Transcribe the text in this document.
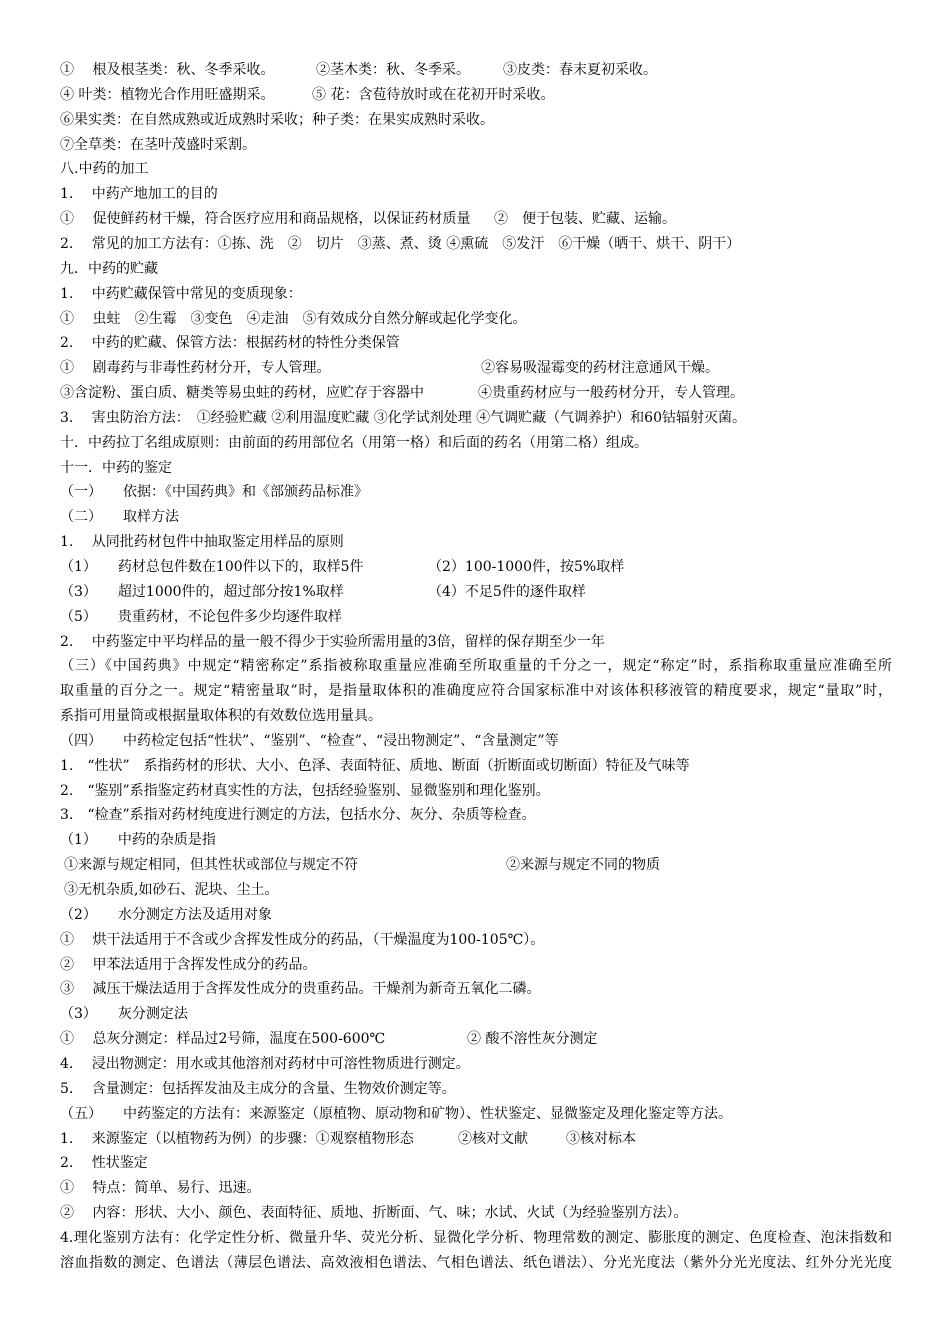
①　 根及根茎类：秋、冬季采收。	②茎木类：秋、冬季采。 ③皮类：春末夏初采收。
④ 叶类：植物光合作用旺盛期采。	⑤ 花：含苞待放时或在花初开时采收。
⑥果实类：在自然成熟或近成熟时采收；种子类：在果实成熟时采收。
⑦全草类：在茎叶茂盛时采割。
八.中药的加工
1.　 中药产地加工的目的
①　 促使鲜药材干燥，符合医疗应用和商品规格，以保证药材质量 ②　便于包装、贮藏、运输。
2.　 常见的加工方法有：①拣、洗　②　切片　③蒸、煮、烫 ④熏硫　⑤发汗　⑥干燥（晒干、烘干、阴干）
九．中药的贮藏
1.　 中药贮藏保管中常见的变质现象：
①　 虫蛀　②生霉　③变色　④走油　⑤有效成分自然分解或起化学变化。
2.　 中药的贮藏、保管方法：根据药材的特性分类保管
①　 剧毒药与非毒性药材分开，专人管理。	②容易吸湿霉变的药材注意通风干燥。
③含淀粉、蛋白质、糖类等易虫蛀的药材，应贮存于容器中	④贵重药材应与一般药材分开，专人管理。
3.　 害虫防治方法：　①经验贮藏 ②利用温度贮藏 ③化学试剂处理 ④气调贮藏（气调养护）和60钴辐射灭菌。
十．中药拉丁名组成原则：由前面的药用部位名（用第一格）和后面的药名（用第二格）组成。
十一．中药的鉴定
（一）　　依据：《中国药典》和《部颁药品标准》
（二）　　取样方法
1.　 从同批药材包件中抽取鉴定用样品的原则
（1）　　药材总包件数在100件以下的，取样5件	（2）100-1000件，按5%取样
（3）　　超过1000件的，超过部分按1%取样	（4）不足5件的逐件取样
（5）　　贵重药材，不论包件多少均逐件取样
2.　 中药鉴定中平均样品的量一般不得少于实验所需用量的3倍，留样的保存期至少一年
（三）《中国药典》中规定“精密称定”系指被称取重量应准确至所取重量的千分之一，规定“称定”时，系指称取重量应准确至所
取重量的百分之一。规定“精密量取”时，是指量取体积的准确度应符合国家标准中对该体积移液管的精度要求，规定“量取”时，
系指可用量筒或根据量取体积的有效数位选用量具。
（四）　　中药检定包括“性状”、“鉴别”、“检查”、“浸出物测定”、“含量测定”等
1.　“性状”　系指药材的形状、大小、色泽、表面特征、质地、断面（折断面或切断面）特征及气味等
2.　“鉴别”系指鉴定药材真实性的方法，包括经验鉴别、显微鉴别和理化鉴别。
3.　“检查”系指对药材纯度进行测定的方法，包括水分、灰分、杂质等检查。
（1）　　中药的杂质是指
①来源与规定相同，但其性状或部位与规定不符	②来源与规定不同的物质
③无机杂质,如砂石、泥块、尘土。
（2）　　水分测定方法及适用对象
①　 烘干法适用于不含或少含挥发性成分的药品，（干燥温度为100-105℃）。
②　 甲苯法适用于含挥发性成分的药品。
③　 减压干燥法适用于含挥发性成分的贵重药品。干燥剂为新奇五氧化二磷。
（3）　　灰分测定法
①　 总灰分测定：样品过2号筛，温度在500-600℃	② 酸不溶性灰分测定
4.　 浸出物测定：用水或其他溶剂对药材中可溶性物质进行测定。
5.　 含量测定：包括挥发油及主成分的含量、生物效价测定等。
（五）　　中药鉴定的方法有：来源鉴定（原植物、原动物和矿物）、性状鉴定、显微鉴定及理化鉴定等方法。
1.　 来源鉴定（以植物药为例）的步骤：①观察植物形态	②核对文献	③核对标本
2.　 性状鉴定
①　 特点：简单、易行、迅速。
②　 内容：形状、大小、颜色、表面特征、质地、折断面、气、味；水试、火试（为经验鉴别方法）。
4.理化鉴别方法有：化学定性分析、微量升华、荧光分析、显微化学分析、物理常数的测定、膨胀度的测定、色度检查、泡沫指数和
溶血指数的测定、色谱法（薄层色谱法、高效液相色谱法、气相色谱法、纸色谱法）、分光光度法（紫外分光光度法、红外分光光度
